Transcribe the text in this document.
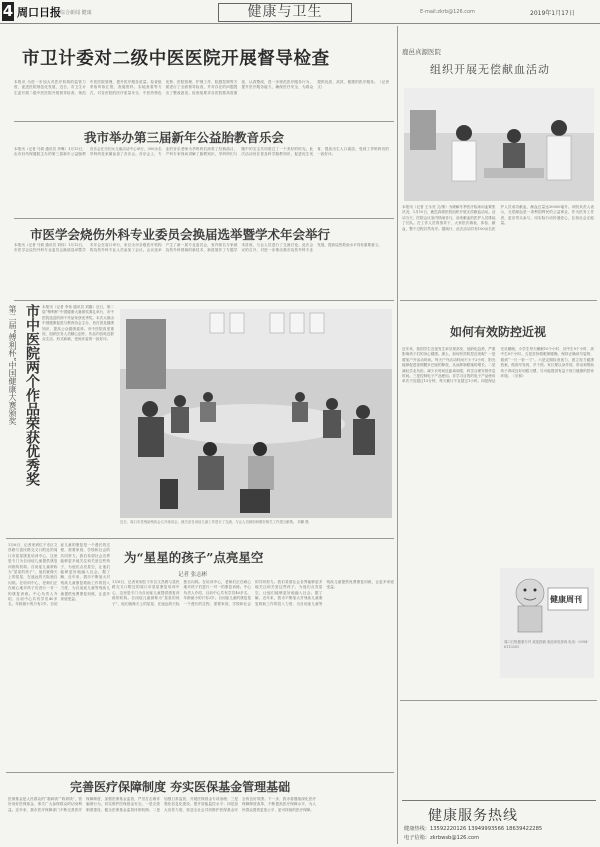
4 周口日报 综合新闻 健康	健康与卫生	E-mail:zkrb@126.com	2019年1月17日
市卫计委对二级中医医院开展督导检查
本报讯 为进一步加大对医疗机构的监管力度，促进医院规范化发展，近日，市卫生计生委开展二级中医医院开展督导检查，规范中医医院管理，提升医疗服务质量。检查组采取听取汇报、查阅资料、实地查看等方式，对各医院的医疗质量安全、中医药特色优势、医院管理、护理工作、院感控制等方面进行了全面督导检查，并对存在的问题提出了整改意见。检查组要求各医院要高度重视，认真整改，进一步规范医疗服务行为，提升医疗服务能力，确保医疗安全，为群众提供优质、高效、便捷的医疗服务。（记者 文）
我市举办第三届新年公益胎教音乐会
本报讯（记者 马莉 通讯员 李琳）1月13日，由市妇幼保健院主办的第三届新年公益胎教音乐会在市妇女儿童活动中心举行，300余名孕妈妈及家属参加了音乐会。音乐会上，专业的音乐老师为孕妈妈们演奏了经典曲目，产科专家现场讲解了胎教知识，孕妈妈们与腹中的宝宝共同度过了一个美好的时光。此次活动旨在普及科学胎教知识，促进优生优育，提高出生人口素质，受到了孕妈妈们的一致好评。
市医学会烧伤外科专业委员会换届选举暨学术年会举行
本报讯（记者 马莉 通讯员 刘伟）1月12日，市医学会烧伤外科专业委员会换届选举暨学术年会在周口举行，来自全市各级医疗机构的烧伤外科专业人员参加了会议。会议选举产生了新一届专业委员会，省内知名专家就烧伤外科领域的新技术、新进展作了专题学术讲座，与会人员进行了交流讨论。此次会议的召开，对进一步推动我市烧伤外科专业发展，提高烧伤救治水平具有重要意义。
市中医院两个作品荣获优秀奖
第二届“傅利杯”中国健康大赛颁奖	本报讯（记者 李伟 通讯员 刘鑫）近日，第二届“傅利杯”中国健康大赛颁奖典礼举行，市中医院选送的两个作品荣获优秀奖。本次大赛由中国健康促进与教育协会主办，旨在普及健康知识，提高公众健康素养。市中医院高度重视，组织医务人员精心创作，作品内容贴近群众生活，形式新颖，受到评委的一致好评。
近日，周口市扶残助残协会召开座谈会，就关爱自闭症儿童工作进行了交流，与会人员就如何做好相关工作建言献策。 刘鹏 摄
1月6日，记者来到位于市区文昌路与富民路交叉口附近的周口市星星康复培训中心，这里是专门为自闭症儿童提供康复训练的机构。自闭症儿童被称为“星星的孩子”，他们就像天上的星星，在遥远的天际独自闪烁。在培训中心，老师们正在耐心地对孩子们进行一对一的康复训练。中心负责人介绍，目前中心共有学员40多名，年龄最小的只有2岁。自闭症儿童的康复是一个漫长的过程，需要家庭、学校和社会的共同努力。我们希望社会各界能够更多地关注和关爱这些孩子，为他们点亮星空，让他们能够更好地融入社会。据了解，近年来，我市不断加大对残疾儿童康复救助工作的投入力度，为自闭症儿童等残疾儿童提供免费康复训练，让更多家庭受益。
为“星星的孩子”点亮星空
记者 张志彬
1月6日，记者来到位于市区文昌路与富民路交叉口附近的周口市星星康复培训中心，这里是专门为自闭症儿童提供康复训练的机构。自闭症儿童被称为“星星的孩子”，他们就像天上的星星，在遥远的天际独自闪烁。在培训中心，老师们正在耐心地对孩子们进行一对一的康复训练。中心负责人介绍，目前中心共有学员40多名，年龄最小的只有2岁。自闭症儿童的康复是一个漫长的过程，需要家庭、学校和社会的共同努力。我们希望社会各界能够更多地关注和关爱这些孩子，为他们点亮星空，让他们能够更好地融入社会。据了解，近年来，我市不断加大对残疾儿童康复救助工作的投入力度，为自闭症儿童等残疾儿童提供免费康复训练，让更多家庭受益。
完善医疗保障制度 夯实医保基金管理基础
医保基金是人民群众的“看病钱”“救命钱”，管好用好医保基金，事关广大参保群众的切身利益。近年来，我市医疗保障部门不断完善医疗保障制度，加强医保基金监管，严厉打击欺诈骗保行为，切实维护医保基金安全。一是完善制度建设，健全医保基金监管体制机制；二是加强日常监管，开展医保基金专项治理；三是强化信息化建设，提升智能监控水平；四是加大宣传力度，营造全社会共同维护医保基金安全的良好氛围。下一步，我市将继续深化医疗保障制度改革，不断提高医疗保障水平，为人民群众提供更加公平、更可持续的医疗保障。
鹿邑真源医院
组织开展无偿献血活动
本报讯（记者 王永亮 文/图）为缓解冬季医疗临床用血紧张状况，1月10日，鹿邑真源医院组织开展无偿献血活动。活动当天，医院会议室内热闹非凡，前来献血的医护人员排起了长队。在工作人员的指导下，大家依次填表、体检、献血，整个过程井然有序。据统计，此次活动共有100余名医护人员成功献血，献血总量达30000毫升。该院负责人表示，无偿献血是一项利国利民的公益事业，作为医务工作者，更应带头参与，用实际行动传递爱心，弘扬社会正能量。
如何有效防控近视
近年来，我国学生近视发生率呈现高发、低龄化趋势，严重影响孩子们的身心健康。那么，如何有效防控近视呢？一是增加户外活动时间。每天户外活动时间不少于2小时，阳光能够促进视网膜多巴胺的释放，从而抑制眼轴的增长。二是减轻学业负担。减少长时间近距离用眼，科学合理安排作息时间。三是控制电子产品使用。非学习目的的电子产品使用单次不宜超过15分钟，每天累计不宜超过1小时。四是保证充足睡眠。小学生每天睡眠10个小时、初中生9个小时、高中生8个小时。五是坚持做眼保健操，保持正确读写姿势，做到“一尺一拳一寸”。六是定期检查视力，建立视力健康档案，做到早发现、早干预。家长要以身作则，带动和帮助孩子养成良好用眼习惯，尽可能提供有益于视力健康的居家环境。（宗和）
健康周刊
周口日报健康专刊 欢迎投稿 欢迎来电咨询 电话：0394-6113301
健康服务热线
健康热线：13592220126 13949993566 18639422285
电子信箱：zkrbwsb@126.com
